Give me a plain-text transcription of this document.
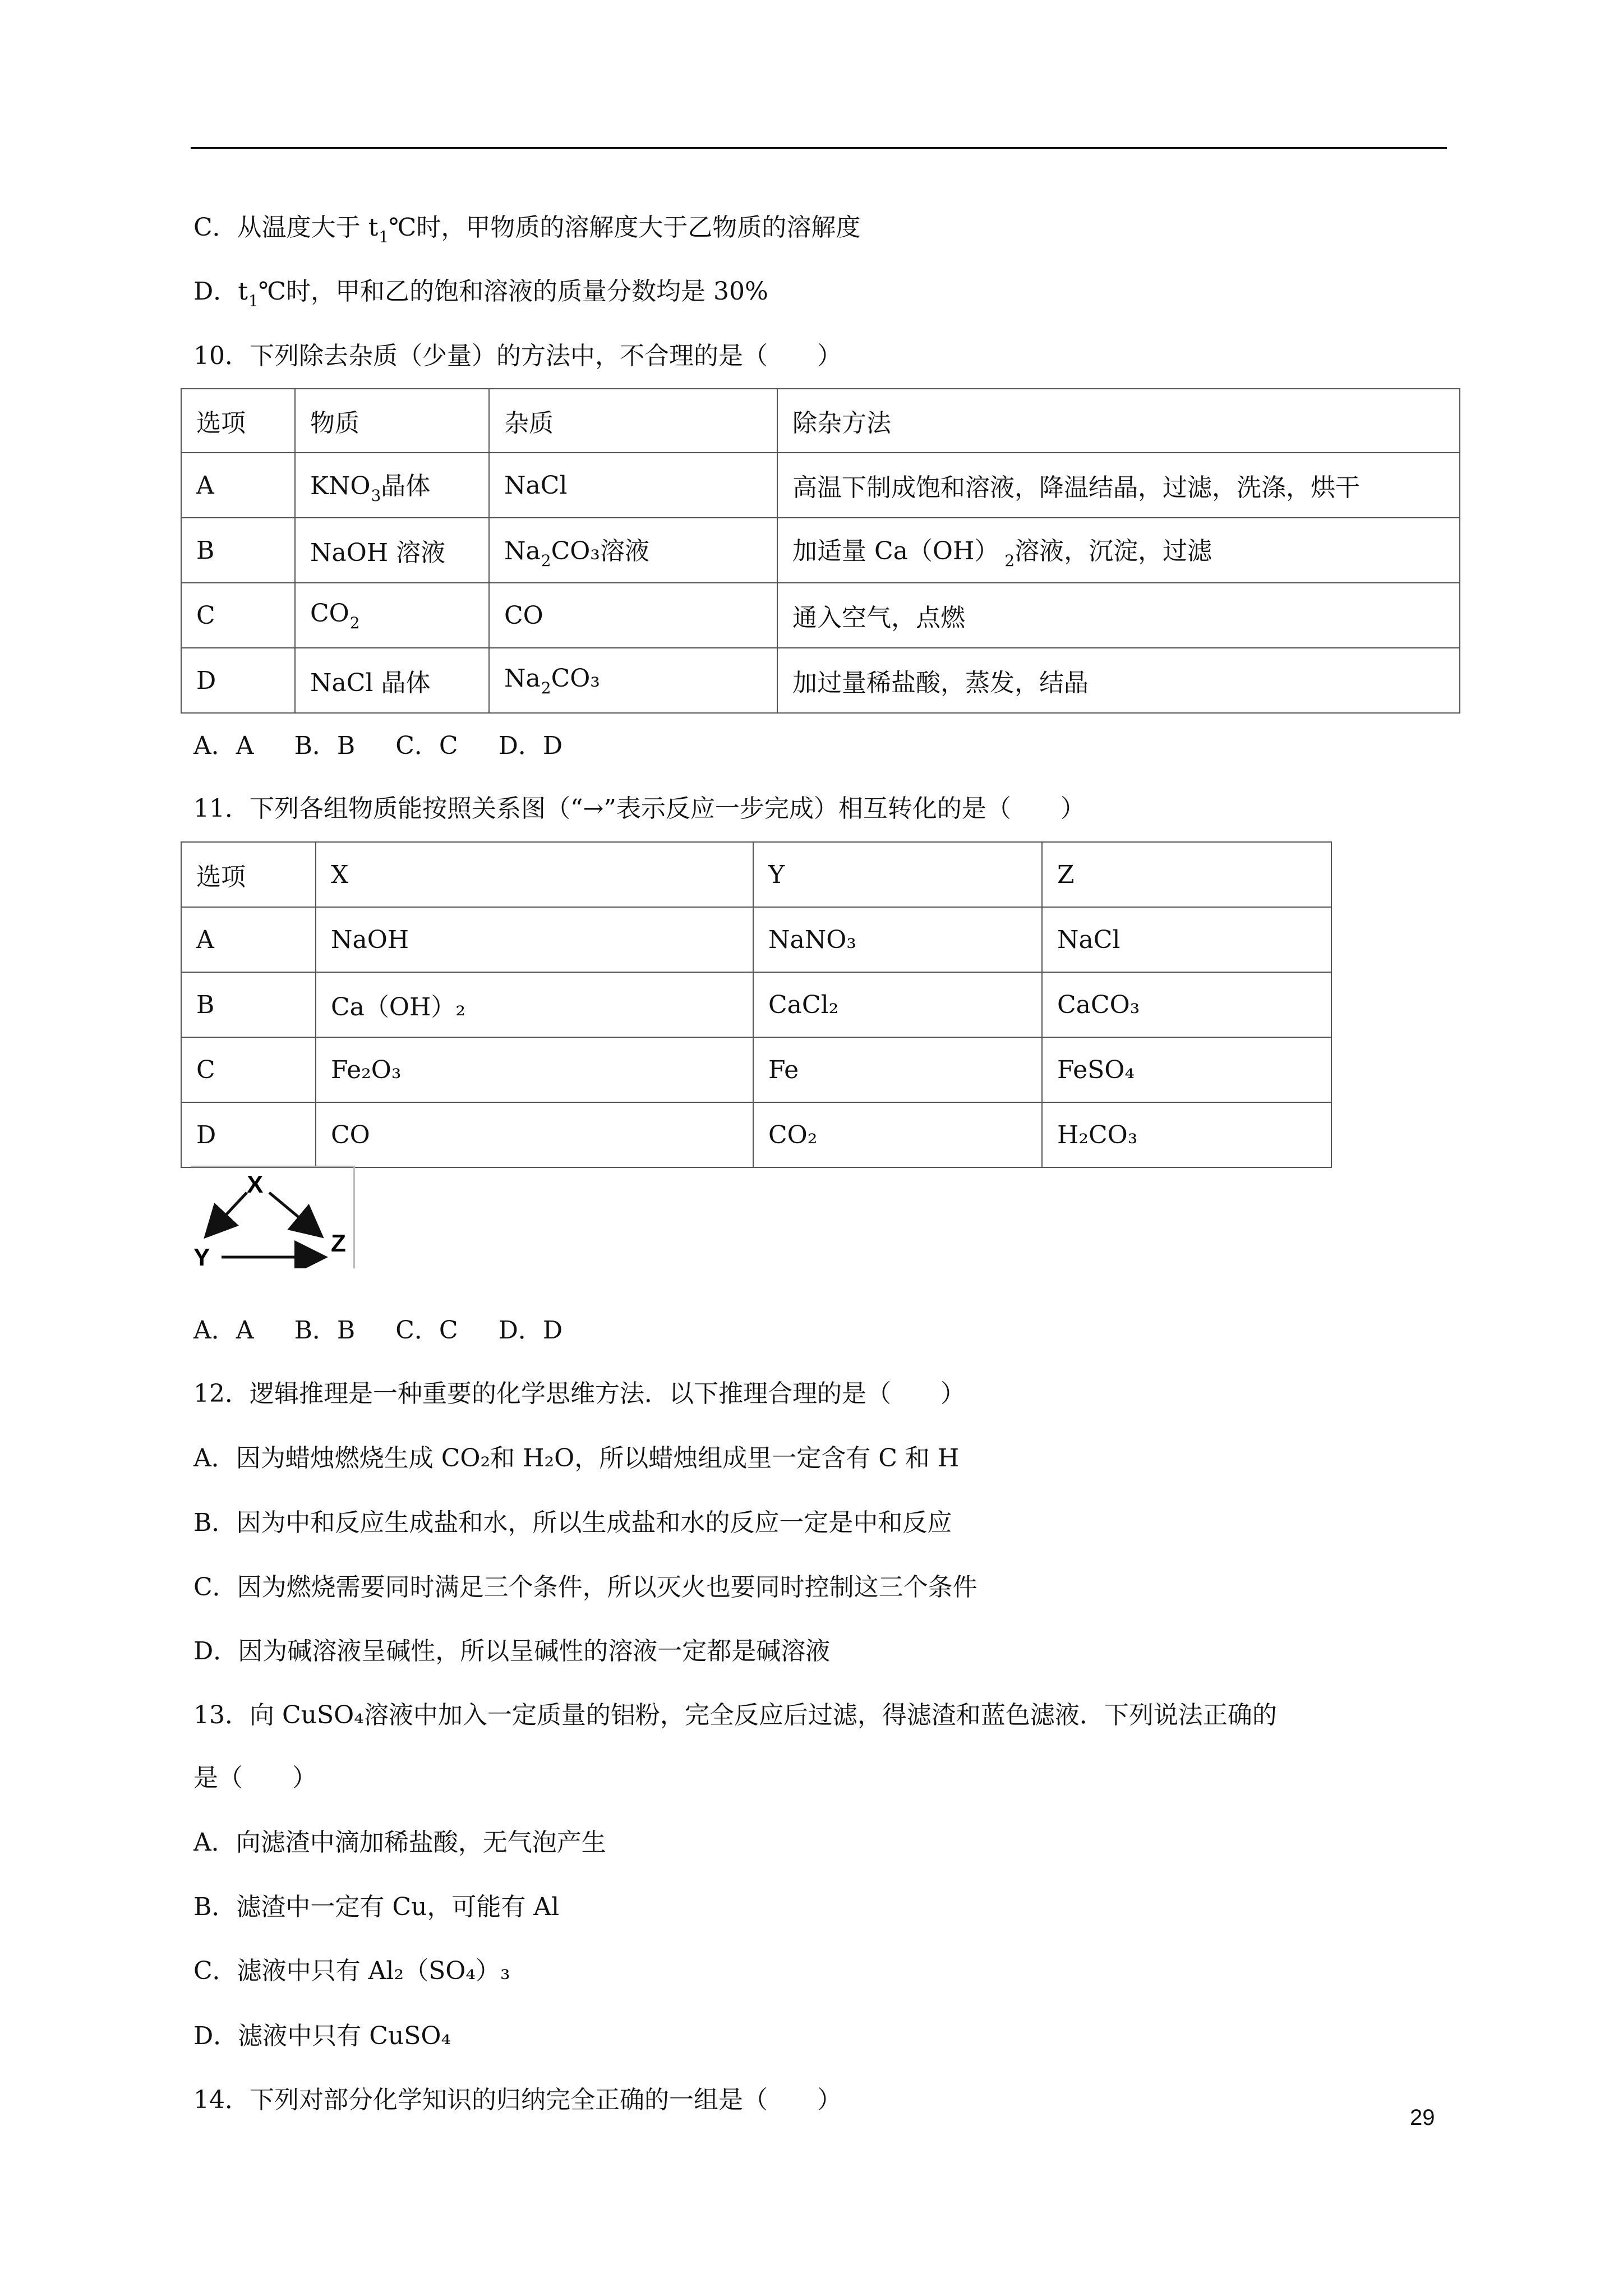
C．从温度大于 $t_1℃$时，甲物质的溶解度大于乙物质的溶解度
D．$t_1℃$时，甲和乙的饱和溶液的质量分数均是 30%
10．下列除去杂质（少量）的方法中，不合理的是（　　）
选项	物质	杂质	除杂方法
A	$KNO_3$晶体	NaCl	高温下制成饱和溶液，降温结晶，过滤，洗涤，烘干
B	NaOH 溶液	$Na_2CO_3$溶液	加适量 Ca（OH） $_2$溶液，沉淀，过滤
C	$CO_2$	CO	通入空气，点燃
D	NaCl 晶体	$Na_2CO_3$	加过量稀盐酸，蒸发，结晶
A．A B．B C．C D．D
11．下列各组物质能按照关系图（“→”表示反应一步完成）相互转化的是（　　）
选项	X	Y	Z
A	NaOH	NaNO₃	NaCl
B	Ca（OH）₂	CaCl₂	CaCO₃
C	Fe₂O₃	Fe	FeSO₄
D	CO	CO₂	H₂CO₃
X
Y
Z
A．A B．B C．C D．D
12．逻辑推理是一种重要的化学思维方法．以下推理合理的是（　　）
A．因为蜡烛燃烧生成 CO₂和 H₂O，所以蜡烛组成里一定含有 C 和 H
B．因为中和反应生成盐和水，所以生成盐和水的反应一定是中和反应
C．因为燃烧需要同时满足三个条件，所以灭火也要同时控制这三个条件
D．因为碱溶液呈碱性，所以呈碱性的溶液一定都是碱溶液
13．向 CuSO₄溶液中加入一定质量的铝粉，完全反应后过滤，得滤渣和蓝色滤液．下列说法正确的
是（　　）
A．向滤渣中滴加稀盐酸，无气泡产生
B．滤渣中一定有 Cu，可能有 Al
C．滤液中只有 Al₂（SO₄）₃
D．滤液中只有 CuSO₄
14．下列对部分化学知识的归纳完全正确的一组是（　　）
29
